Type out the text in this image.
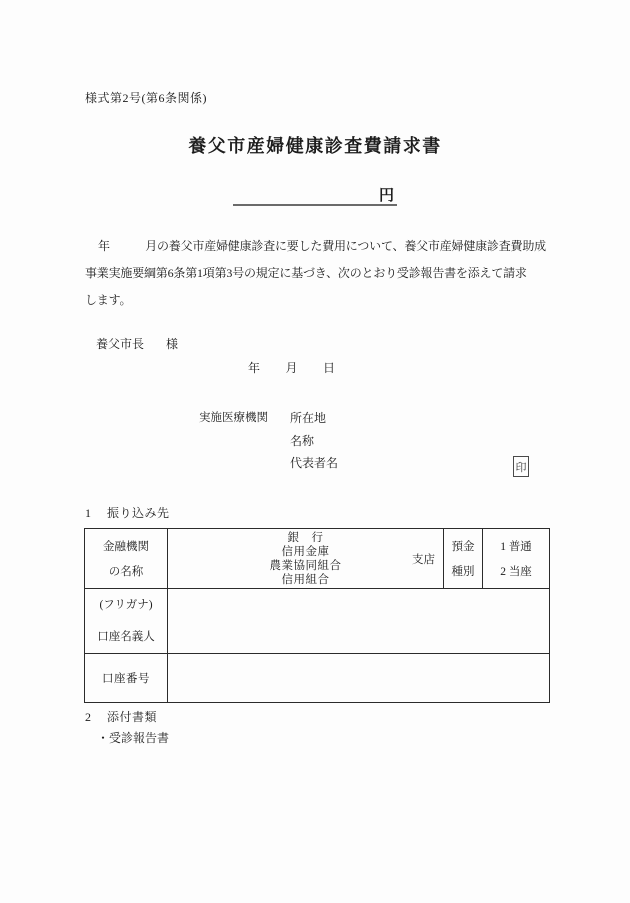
様式第2号(第6条関係)
養父市産婦健康診査費請求書
円
年　　　月の養父市産婦健康診査に要した費用について、養父市産婦健康診査費助成
事業実施要綱第6条第1項第3号の規定に基づき、次のとおり受診報告書を添えて請求
します。
養父市長 様
年　　月　　日
実施医療機関 所在地
名称
代表者名	印
1 振り込み先
金融機関
の名称
銀　行
信用金庫
農業協同組合
信用組合
支店
預金
種別
1 普通
2 当座
(フリガナ)
口座名義人
口座番号
2 添付書類
・受診報告書
